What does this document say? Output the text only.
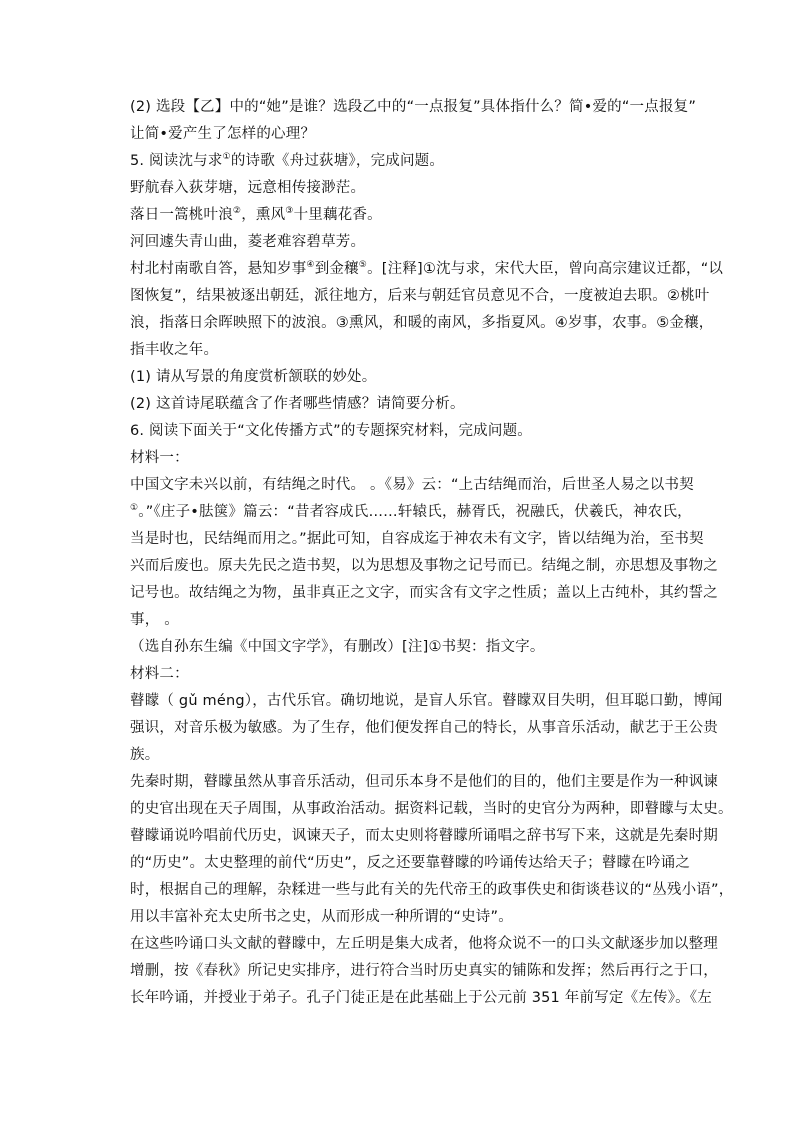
(2) 选段【乙】中的“她”是谁？选段乙中的“一点报复”具体指什么？简•爱的“一点报复”
让简•爱产生了怎样的心理？
5. 阅读沈与求①的诗歌《舟过荻塘》，完成问题。
野航春入荻芽塘，远意相传接渺茫。
落日一篙桃叶浪②，熏风③十里藕花香。
河回遽失青山曲，菱老难容碧草芳。
村北村南歌自答，悬知岁事④到金穰⑤。[注释]①沈与求，宋代大臣，曾向高宗建议迁都，“以
图恢复”，结果被逐出朝廷，派往地方，后来与朝廷官员意见不合，一度被迫去职。②桃叶
浪，指落日余晖映照下的波浪。③熏风，和暖的南风，多指夏风。④岁事，农事。⑤金穰，
指丰收之年。
(1) 请从写景的角度赏析颔联的妙处。
(2) 这首诗尾联蕴含了作者哪些情感？请简要分析。
6. 阅读下面关于“文化传播方式”的专题探究材料，完成问题。
材料一：
中国文字未兴以前，有结绳之时代。 。《易》云：“上古结绳而治，后世圣人易之以书契
①。”《庄子•胠箧》篇云：“昔者容成氏……轩辕氏，赫胥氏，祝融氏，伏羲氏，神农氏，
当是时也，民结绳而用之。”据此可知，自容成迄于神农未有文字，皆以结绳为治，至书契
兴而后废也。原夫先民之造书契，以为思想及事物之记号而已。结绳之制，亦思想及事物之
记号也。故结绳之为物，虽非真正之文字，而实含有文字之性质；盖以上古纯朴，其约誓之
事， 。
（选自孙东生编《中国文字学》，有删改）[注]①书契：指文字。
材料二：
瞽矇（ gǔ méng），古代乐官。确切地说，是盲人乐官。瞽矇双目失明，但耳聪口勤，博闻
强识，对音乐极为敏感。为了生存，他们便发挥自己的特长，从事音乐活动，献艺于王公贵
族。
先秦时期，瞽矇虽然从事音乐活动，但司乐本身不是他们的目的，他们主要是作为一种讽谏
的史官出现在天子周围，从事政治活动。据资料记载，当时的史官分为两种，即瞽矇与太史。
瞽矇诵说吟唱前代历史，讽谏天子，而太史则将瞽矇所诵唱之辞书写下来，这就是先秦时期
的“历史”。太史整理的前代“历史”，反之还要靠瞽矇的吟诵传达给天子；瞽矇在吟诵之
时，根据自己的理解，杂糅进一些与此有关的先代帝王的政事佚史和街谈巷议的“丛残小语”，
用以丰富补充太史所书之史，从而形成一种所谓的“史诗”。
在这些吟诵口头文献的瞽矇中，左丘明是集大成者，他将众说不一的口头文献逐步加以整理
增删，按《春秋》所记史实排序，进行符合当时历史真实的铺陈和发挥；然后再行之于口，
长年吟诵，并授业于弟子。孔子门徒正是在此基础上于公元前 351 年前写定《左传》。《左
